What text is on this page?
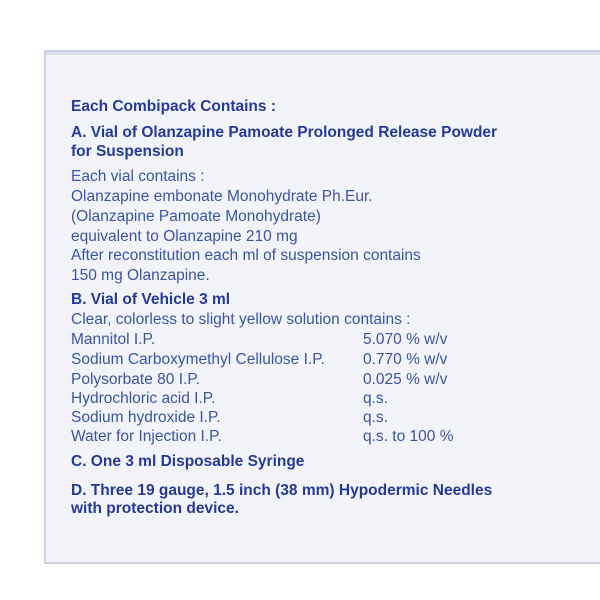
Each Combipack Contains :
A. Vial of Olanzapine Pamoate Prolonged Release Powder
for Suspension
Each vial contains :
Olanzapine embonate Monohydrate Ph.Eur.
(Olanzapine Pamoate Monohydrate)
equivalent to Olanzapine 210 mg
After reconstitution each ml of suspension contains
150 mg Olanzapine.
B. Vial of Vehicle 3 ml
Clear, colorless to slight yellow solution contains :
Mannitol I.P.	5.070 % w/v
Sodium Carboxymethyl Cellulose I.P. 0.770 % w/v
Polysorbate 80 I.P.	0.025 % w/v
Hydrochloric acid I.P.	q.s.
Sodium hydroxide I.P.	q.s.
Water for Injection I.P.	q.s. to 100 %
C. One 3 ml Disposable Syringe
D. Three 19 gauge, 1.5 inch (38 mm) Hypodermic Needles
with protection device.
